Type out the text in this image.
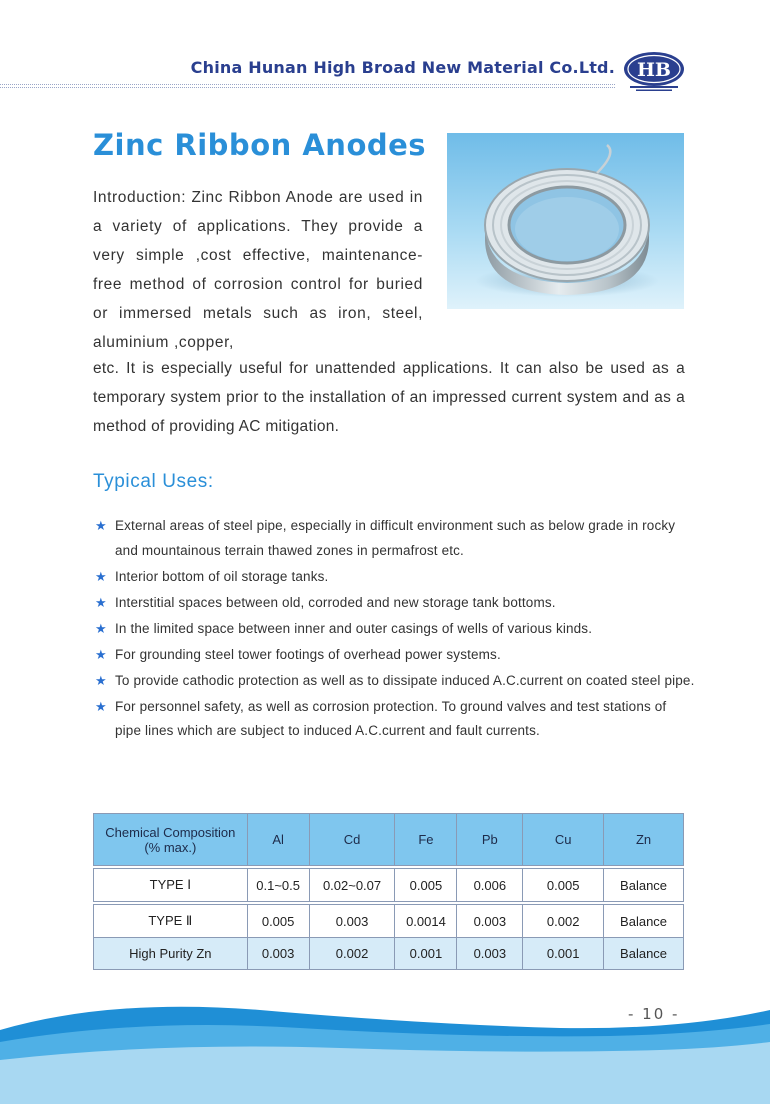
China Hunan High Broad New Material Co.Ltd. HB
Zinc Ribbon Anodes
Introduction: Zinc Ribbon Anode are used in a variety of applications. They provide a very simple ,cost effective, maintenance-free method of corrosion control for buried or immersed metals such as iron, steel, aluminium ,copper,
etc. It is especially useful for unattended applications. It can also be used as a temporary system prior to the installation of an impressed current system and as a method of providing AC mitigation.
Typical Uses:
★ External areas of steel pipe, especially in difficult environment such as below grade in rocky and mountainous terrain thawed zones in permafrost etc.
★ Interior bottom of oil storage tanks.
★ Interstitial spaces between old, corroded and new storage tank bottoms.
★ In the limited space between inner and outer casings of wells of various kinds.
★ For grounding steel tower footings of overhead power systems.
★ To provide cathodic protection as well as to dissipate induced A.C.current on coated steel pipe.
★ For personnel safety, as well as corrosion protection. To ground valves and test stations of pipe lines which are subject to induced A.C.current and fault currents.
Chemical Composition
(% max.)	Al	Cd	Fe	Pb	Cu	Zn

TYPE Ⅰ	0.1~0.5	0.02~0.07	0.005	0.006	0.005	Balance

TYPE Ⅱ	0.005	0.003	0.0014	0.003	0.002	Balance
High Purity Zn	0.003	0.002	0.001	0.003	0.001	Balance
- 10 -
